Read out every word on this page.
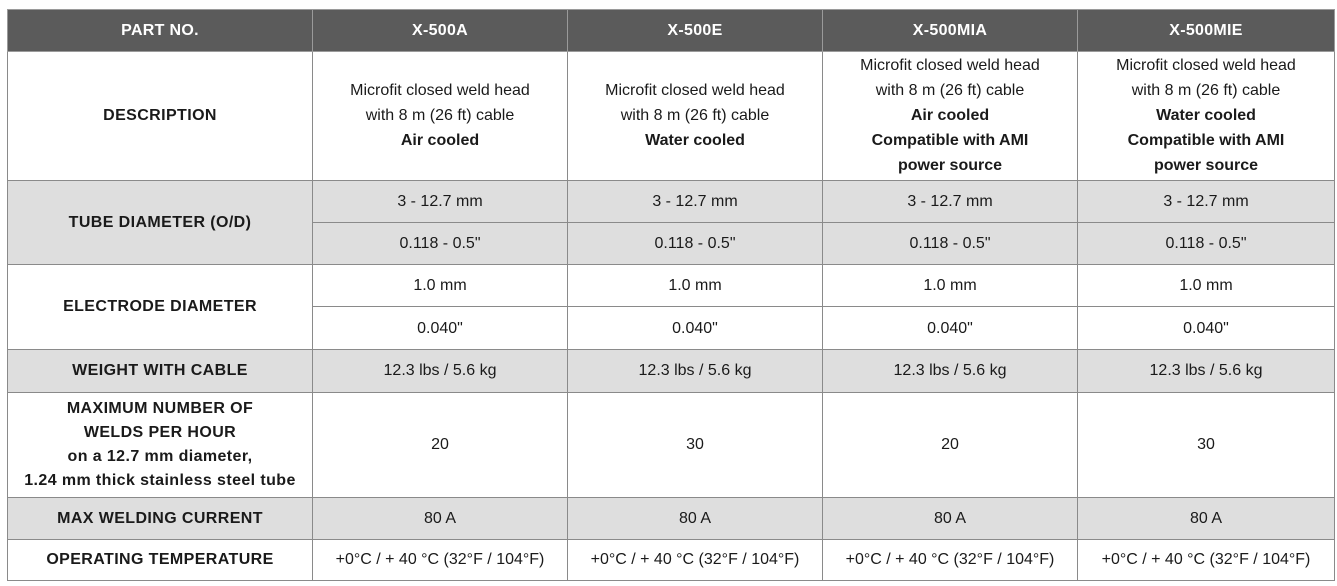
PART NO.	X-500A	X-500E	X-500MIA	X-500MIE
DESCRIPTION	Microfit closed weld head
with 8 m (26 ft) cable
Air cooled	Microfit closed weld head
with 8 m (26 ft) cable
Water cooled	Microfit closed weld head
with 8 m (26 ft) cable
Air cooled
Compatible with AMI
power source	Microfit closed weld head
with 8 m (26 ft) cable
Water cooled
Compatible with AMI
power source

TUBE DIAMETER (O/D)	3 - 12.7 mm	3 - 12.7 mm	3 - 12.7 mm	3 - 12.7 mm
	0.118 - 0.5"	0.118 - 0.5"	0.118 - 0.5"	0.118 - 0.5"
ELECTRODE DIAMETER	1.0 mm	1.0 mm	1.0 mm	1.0 mm
	0.040"	0.040"	0.040"	0.040"
WEIGHT WITH CABLE	12.3 lbs / 5.6 kg	12.3 lbs / 5.6 kg	12.3 lbs / 5.6 kg	12.3 lbs / 5.6 kg

MAXIMUM NUMBER OF
WELDS PER HOUR
on a 12.7 mm diameter,
1.24 mm thick stainless steel tube	20	30	20	30
MAX WELDING CURRENT	80 A	80 A	80 A	80 A
OPERATING TEMPERATURE	+0°C / + 40 °C (32°F / 104°F)	+0°C / + 40 °C (32°F / 104°F)	+0°C / + 40 °C (32°F / 104°F)	+0°C / + 40 °C (32°F / 104°F)
